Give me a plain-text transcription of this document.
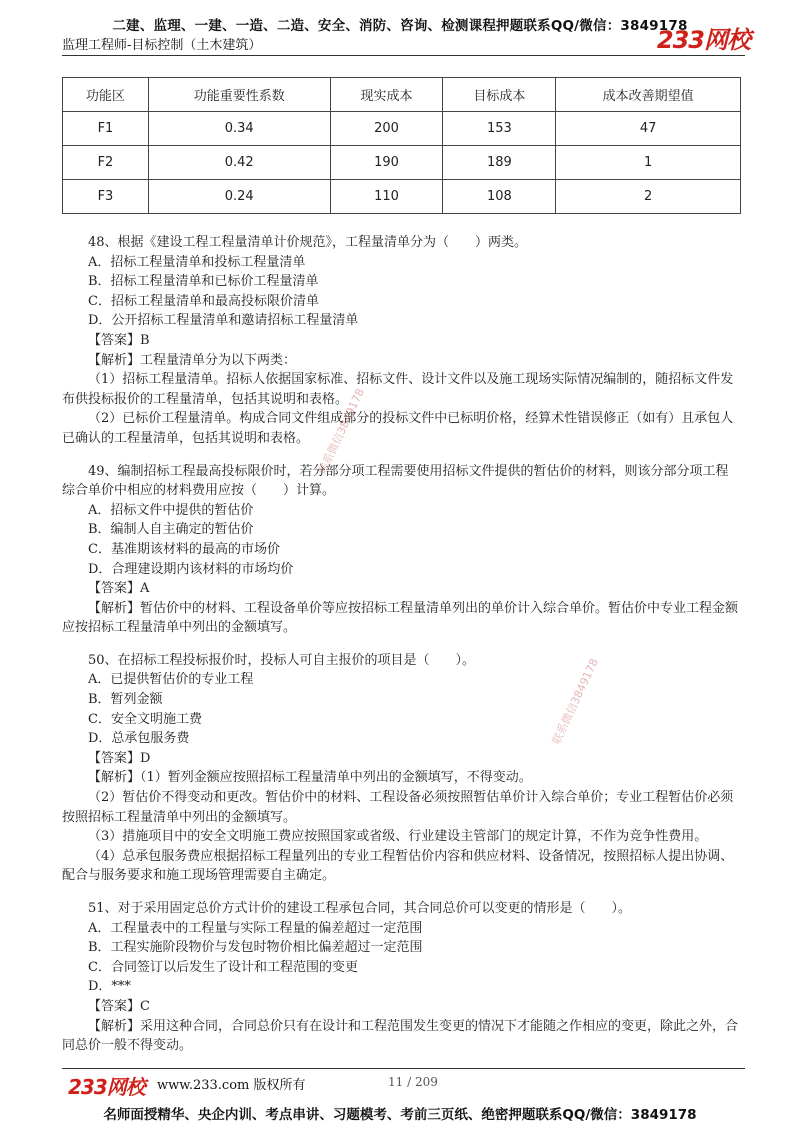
二建、监理、一建、一造、二造、安全、消防、咨询、检测课程押题联系QQ/微信：3849178
233网校
监理工程师-目标控制（土木建筑）
功能区	功能重要性系数	现实成本	目标成本	成本改善期望值
F1	0.34	200	153	47
F2	0.42	190	189	1
F3	0.24	110	108	2
联系微信3849178
联系微信3849178

48、根据《建设工程工程量清单计价规范》，工程量清单分为（　　）两类。

A．招标工程量清单和投标工程量清单

B．招标工程量清单和已标价工程量清单

C．招标工程量清单和最高投标限价清单

D．公开招标工程量清单和邀请招标工程量清单

【答案】B

【解析】工程量清单分为以下两类：

（1）招标工程量清单。招标人依据国家标准、招标文件、设计文件以及施工现场实际情况编制的，随招标文件发布供投标报价的工程量清单，包括其说明和表格。

（2）已标价工程量清单。构成合同文件组成部分的投标文件中已标明价格，经算术性错误修正（如有）且承包人已确认的工程量清单，包括其说明和表格。

49、编制招标工程最高投标限价时，若分部分项工程需要使用招标文件提供的暂估价的材料，则该分部分项工程综合单价中相应的材料费用应按（　　）计算。

A．招标文件中提供的暂估价

B．编制人自主确定的暂估价

C．基准期该材料的最高的市场价

D．合理建设期内该材料的市场均价

【答案】A

【解析】暂估价中的材料、工程设备单价等应按招标工程量清单列出的单价计入综合单价。暂估价中专业工程金额应按招标工程量清单中列出的金额填写。

50、在招标工程投标报价时，投标人可自主报价的项目是（　　）。

A．已提供暂估价的专业工程

B．暂列金额

C．安全文明施工费

D．总承包服务费

【答案】D

【解析】（1）暂列金额应按照招标工程量清单中列出的金额填写，不得变动。

（2）暂估价不得变动和更改。暂估价中的材料、工程设备必须按照暂估单价计入综合单价；专业工程暂估价必须按照招标工程量清单中列出的金额填写。

（3）措施项目中的安全文明施工费应按照国家或省级、行业建设主管部门的规定计算，不作为竞争性费用。

（4）总承包服务费应根据招标工程量列出的专业工程暂估价内容和供应材料、设备情况，按照招标人提出协调、配合与服务要求和施工现场管理需要自主确定。

51、对于采用固定总价方式计价的建设工程承包合同，其合同总价可以变更的情形是（　　）。

A．工程量表中的工程量与实际工程量的偏差超过一定范围

B．工程实施阶段物价与发包时物价相比偏差超过一定范围

C．合同签订以后发生了设计和工程范围的变更

D．***

【答案】C

【解析】采用这种合同，合同总价只有在设计和工程范围发生变更的情况下才能随之作相应的变更，除此之外，合同总价一般不得变动。

233网校 www.233.com 版权所有	11 / 209
名师面授精华、央企内训、考点串讲、习题模考、考前三页纸、绝密押题联系QQ/微信：3849178
